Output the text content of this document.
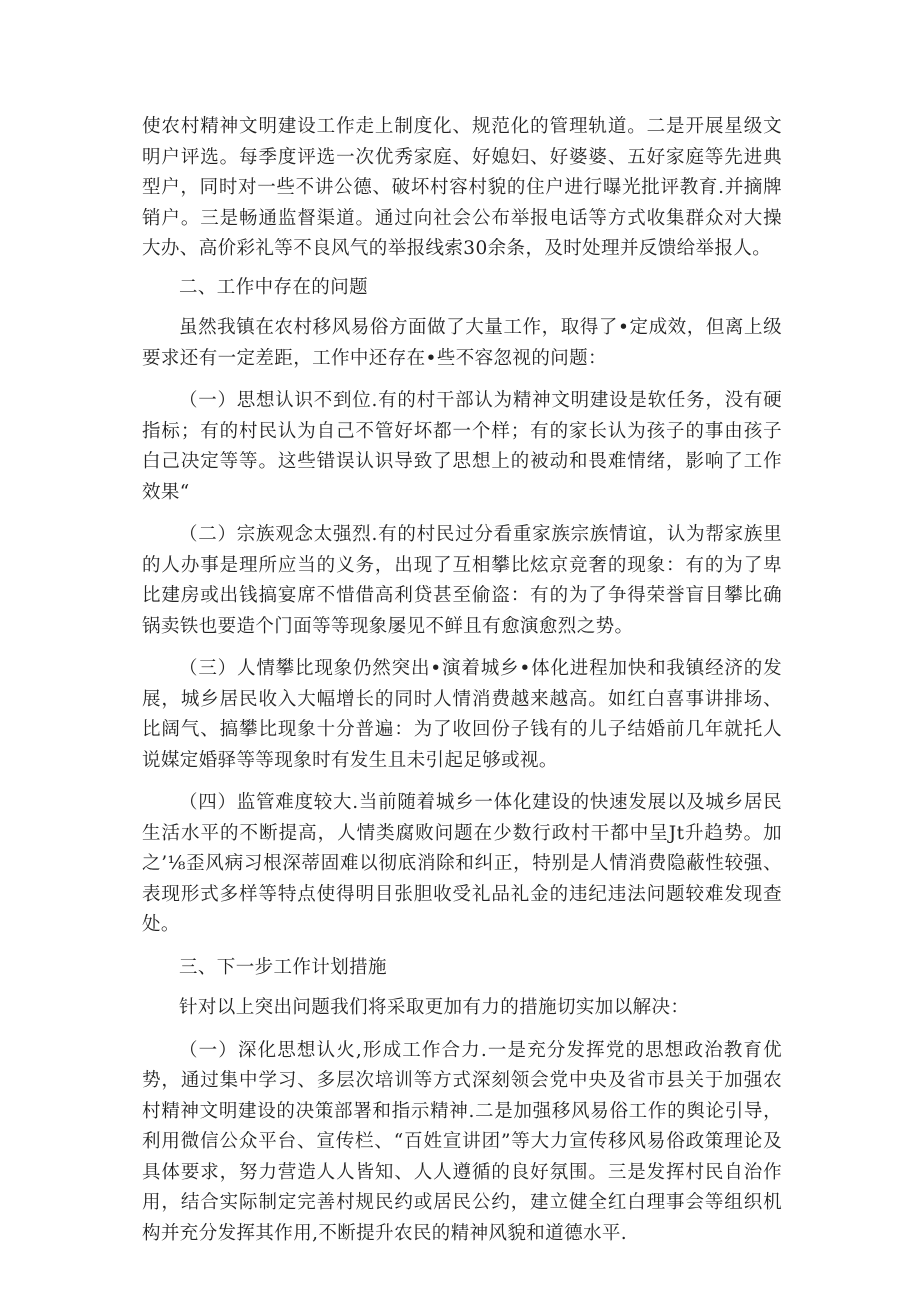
使农村精神文明建设工作走上制度化、规范化的管理轨道。二是开展星级文明户评选。每季度评选一次优秀家庭、好媳妇、好婆婆、五好家庭等先进典型户，同时对一些不讲公德、破坏村容村貌的住户进行曝光批评教育.并摘牌销户。三是畅通监督渠道。通过向社会公布举报电话等方式收集群众对大操大办、高价彩礼等不良风气的举报线索30余条，及时处理并反馈给举报人。

二、工作中存在的问题

虽然我镇在农村移风易俗方面做了大量工作，取得了•定成效，但离上级要求还有一定差距，工作中还存在•些不容忽视的问题：

（一）思想认识不到位.有的村干部认为精神文明建设是软任务，没有硬指标；有的村民认为自己不管好坏都一个样；有的家长认为孩子的事由孩子白己决定等等。这些错误认识导致了思想上的被动和畏难情绪，影响了工作效果“

（二）宗族观念太强烈.有的村民过分看重家族宗族情谊，认为帮家族里的人办事是理所应当的义务，出现了互相攀比炫京竞奢的现象：有的为了卑比建房或出钱搞宴席不惜借高利贷甚至偷盗：有的为了争得荣誉盲目攀比确锅卖铁也要造个门面等等现象屡见不鲜且有愈演愈烈之势。

（三）人情攀比现象仍然突出•演着城乡•体化进程加快和我镇经济的发展，城乡居民收入大幅增长的同时人情消费越来越高。如红白喜事讲排场、比阔气、搞攀比现象十分普遍：为了收回份子钱有的儿子结婚前几年就托人说媒定婚驿等等现象时有发生且未引起足够或视。

（四）监管难度较大.当前随着城乡一体化建设的快速发展以及城乡居民生活水平的不断提高，人情类腐败问题在少数行政村干都中呈Jt升趋势。加之’⅛歪风病习根深蒂固难以彻底消除和纠正，特别是人情消费隐蔽性较强、表现形式多样等特点使得明目张胆收受礼品礼金的违纪违法问题较难发现查处。

三、下一步工作计划措施

针对以上突出问题我们将采取更加有力的措施切实加以解决：

（一）深化思想认火,形成工作合力.一是充分发挥党的思想政治教育优势，通过集中学习、多层次培训等方式深刻领会党中央及省市县关于加强农村精神文明建设的决策部署和指示精神.二是加强移风易俗工作的舆论引导，利用微信公众平台、宣传栏、“百姓宣讲团”等大力宣传移风易俗政策理论及具体要求，努力营造人人皆知、人人遵循的良好氛围。三是发挥村民自治作用，结合实际制定完善村规民约或居民公约，建立健全红白理事会等组织机构并充分发挥其作用,不断提升农民的精神风貌和道德水平.
